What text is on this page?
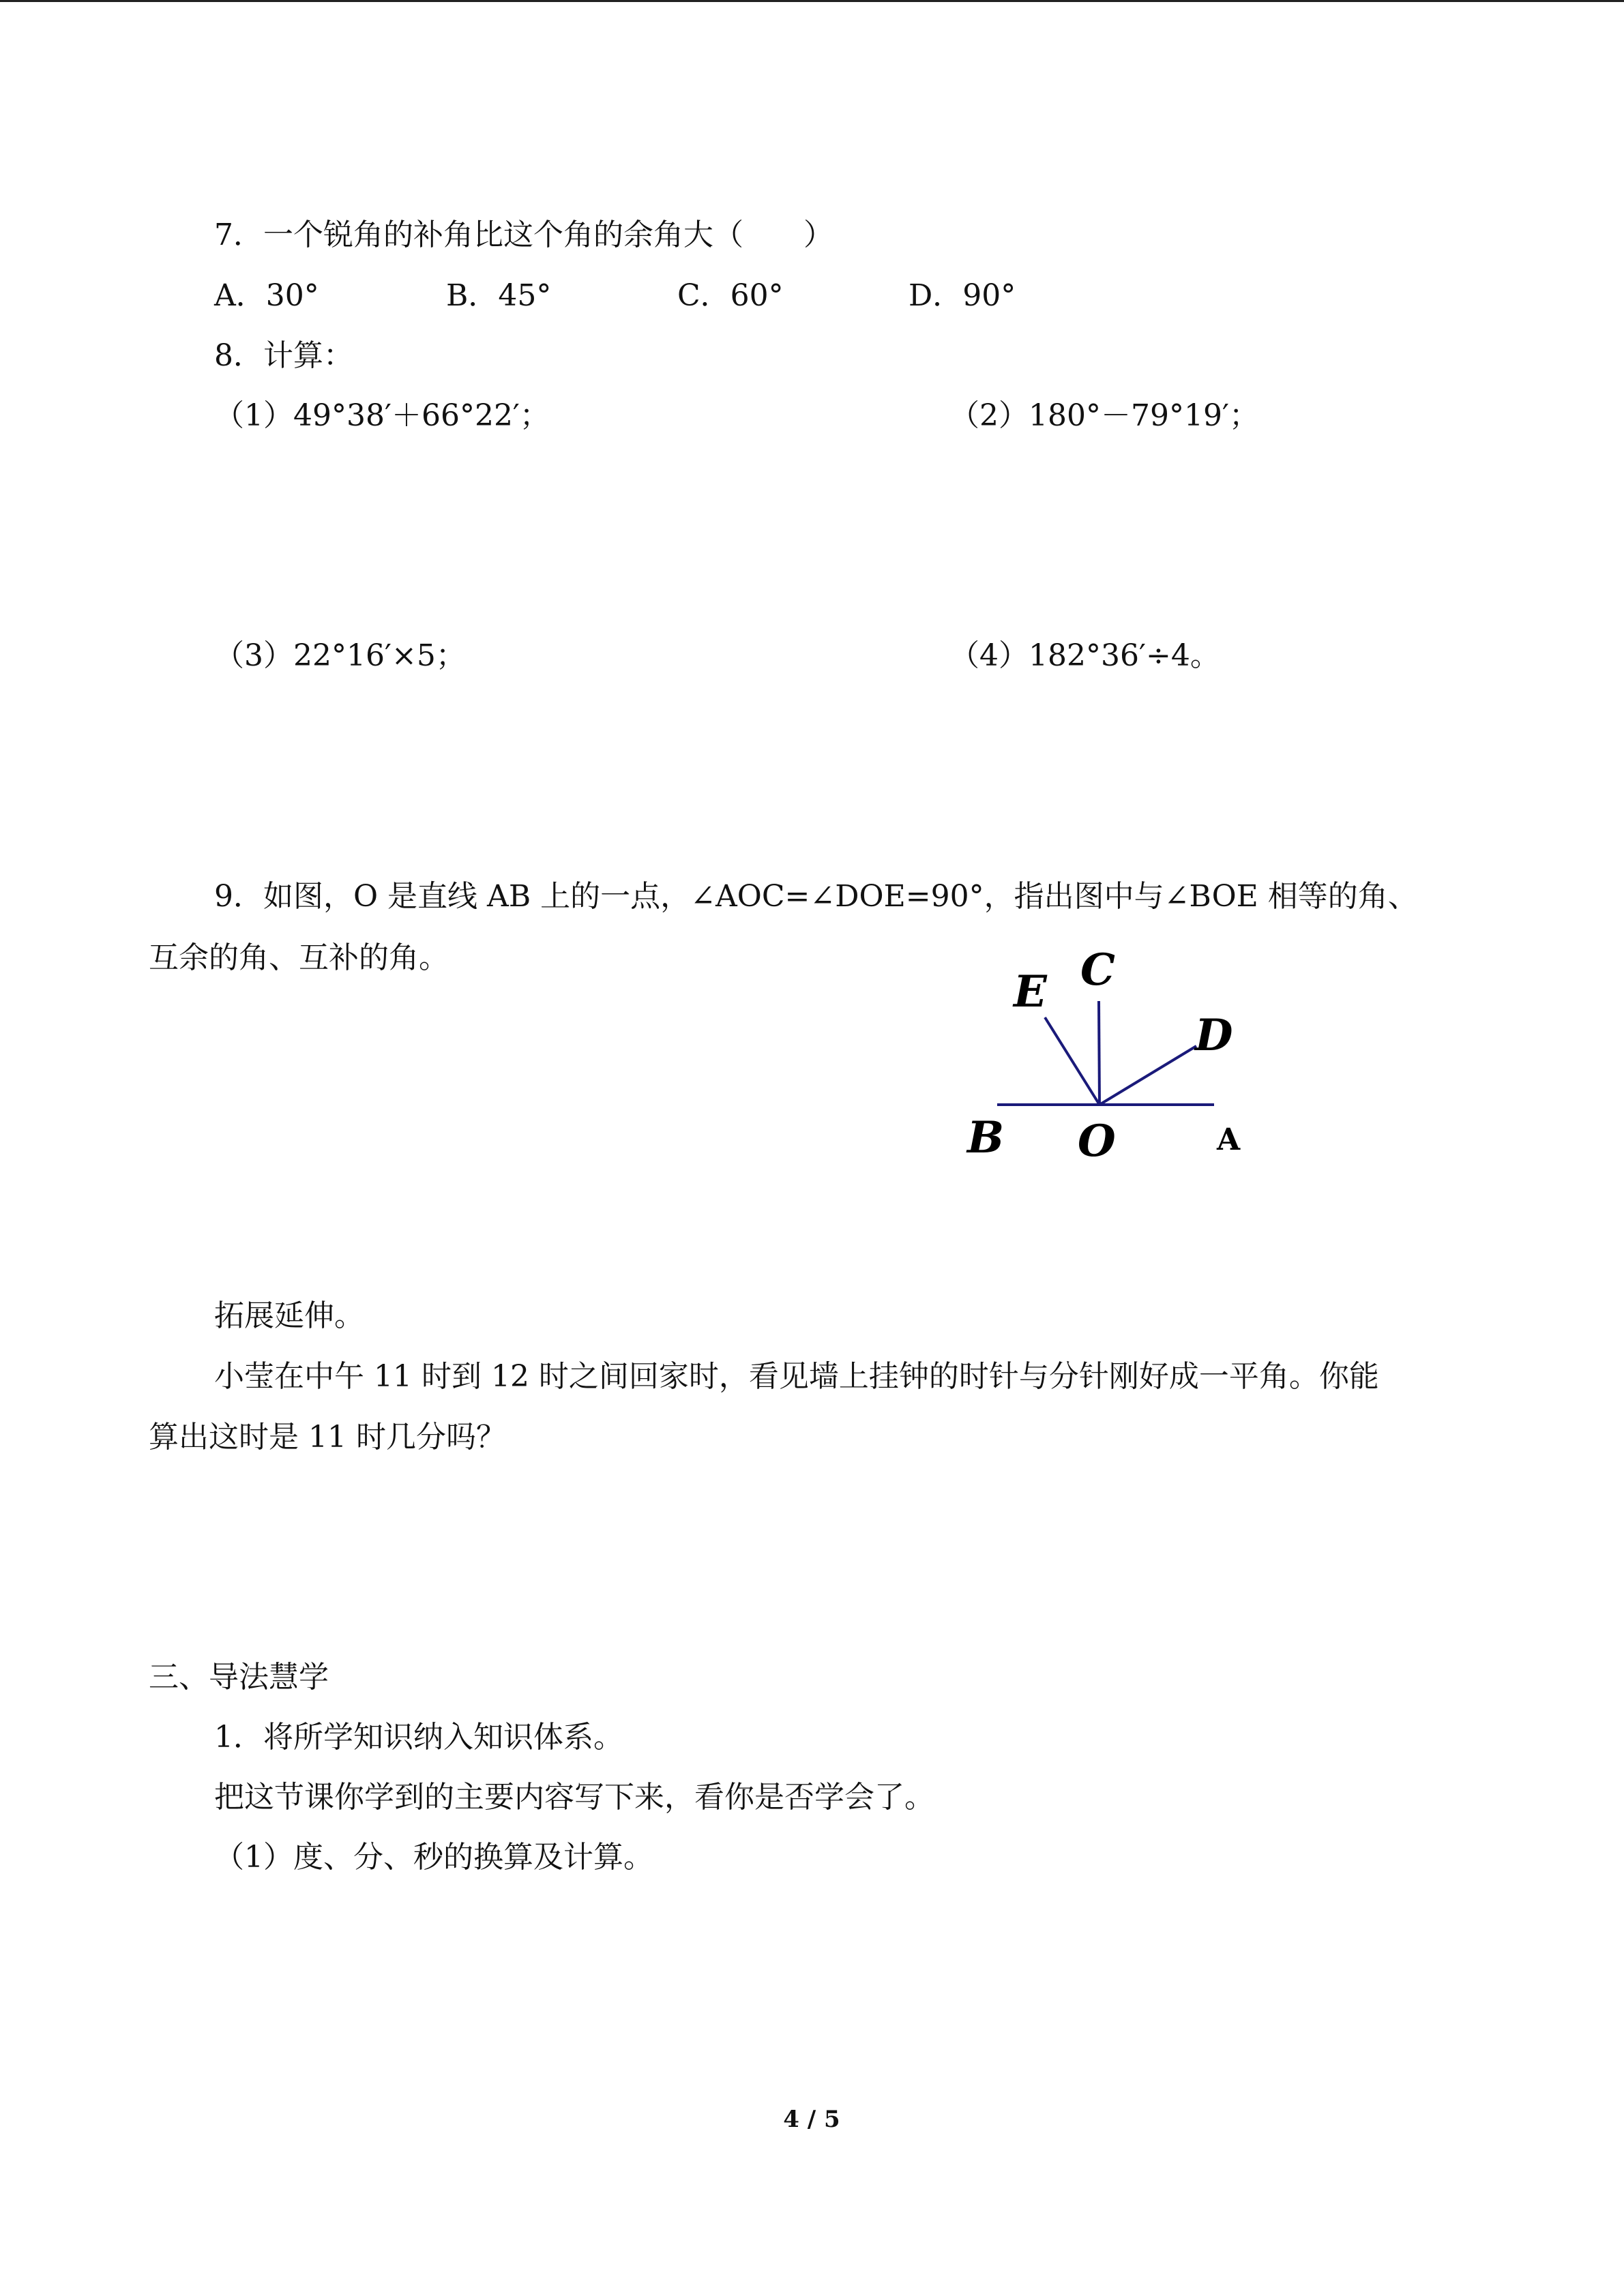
7．一个锐角的补角比这个角的余角大（　　）
A．30°	B．45°	C．60°	D．90°
8．计算：
（1）49°38′＋66°22′；	（2）180°－79°19′；
（3）22°16′×5；	（4）182°36′÷4。
9．如图，O 是直线 AB 上的一点，∠AOC=∠DOE=90°，指出图中与∠BOE 相等的角、
互余的角、互补的角。
E C
D
B O	A
拓展延伸。
小莹在中午 11 时到 12 时之间回家时，看见墙上挂钟的时针与分针刚好成一平角。你能
算出这时是 11 时几分吗？
三、导法慧学
1．将所学知识纳入知识体系。
把这节课你学到的主要内容写下来，看你是否学会了。
（1）度、分、秒的换算及计算。
4 / 5
